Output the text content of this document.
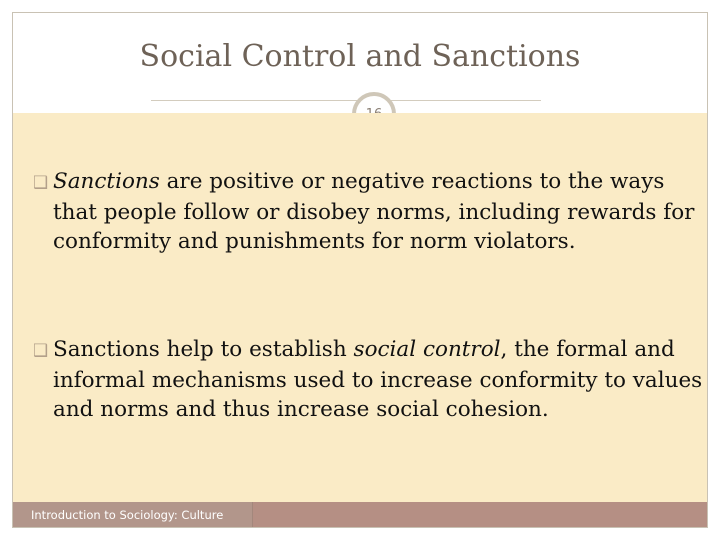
Social Control and Sanctions
❑ Sanctions are positive or negative reactions to the ways that people follow or disobey norms, including rewards for conformity and punishments for norm violators.
❑ Sanctions help to establish social control, the formal and informal mechanisms used to increase conformity to values and norms and thus increase social cohesion.
Introduction to Sociology: Culture
